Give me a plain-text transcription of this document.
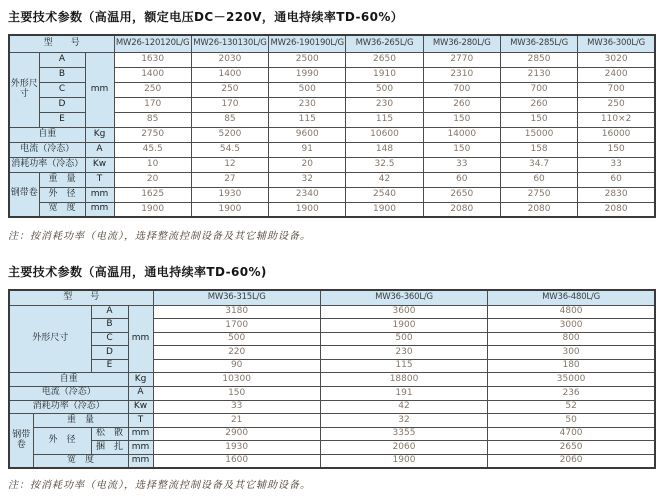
主要技术参数（高温用，额定电压DC－220V，通电持续率TD-60%）
型　　号			MW26-120120L/G	MW26-130130L/G	MW26-190190L/G	MW36-265L/G	MW36-280L/G	MW36-285L/G	MW36-300L/G
外形尺寸	A	mm	1630	2030	2500	2650	2770	2850	3020
	B		1400	1400	1990	1910	2310	2130	2400
	C		250	250	500	500	700	700	700
	D		170	170	230	230	260	260	250
	E		85	85	115	115	150	150	110×2
自重		Kg	2750	5200	9600	10600	14000	15000	16000
电流（冷态）		A	45.5	54.5	91	148	150	158	150
消耗功率（冷态）		Kw	10	12	20	32.5	33	34.7	33
钢带卷	重　量	T	20	27	32	42	60	60	60
	外　径	mm	1625	1930	2340	2540	2650	2750	2830
	宽　度	mm	1900	1900	1900	1900	2080	2080	2080
注：按消耗功率（电流），选择整流控制设备及其它辅助设备。
主要技术参数（高温用，通电持续率TD-60%)
型　　号				MW36-315L/G	MW36-360L/G	MW36-480L/G
外形尺寸		A	mm	3180	3600	4800
		B		1700	1900	3000
		C		500	500	800
		D		220	230	300
		E		90	115	180
自重			Kg	10300	18800	35000
电流（冷态）			A	150	191	236
消耗功率（冷态）			Kw	33	42	52
钢带卷	重　量		T	21	32	50
	外　径	松　散	mm	2900	3355	4700
		捆　扎	mm	1930	2060	2650
	宽　度		mm	1600	1900	2060
注：按消耗功率（电流），选择整流控制设备及其它辅助设备。
